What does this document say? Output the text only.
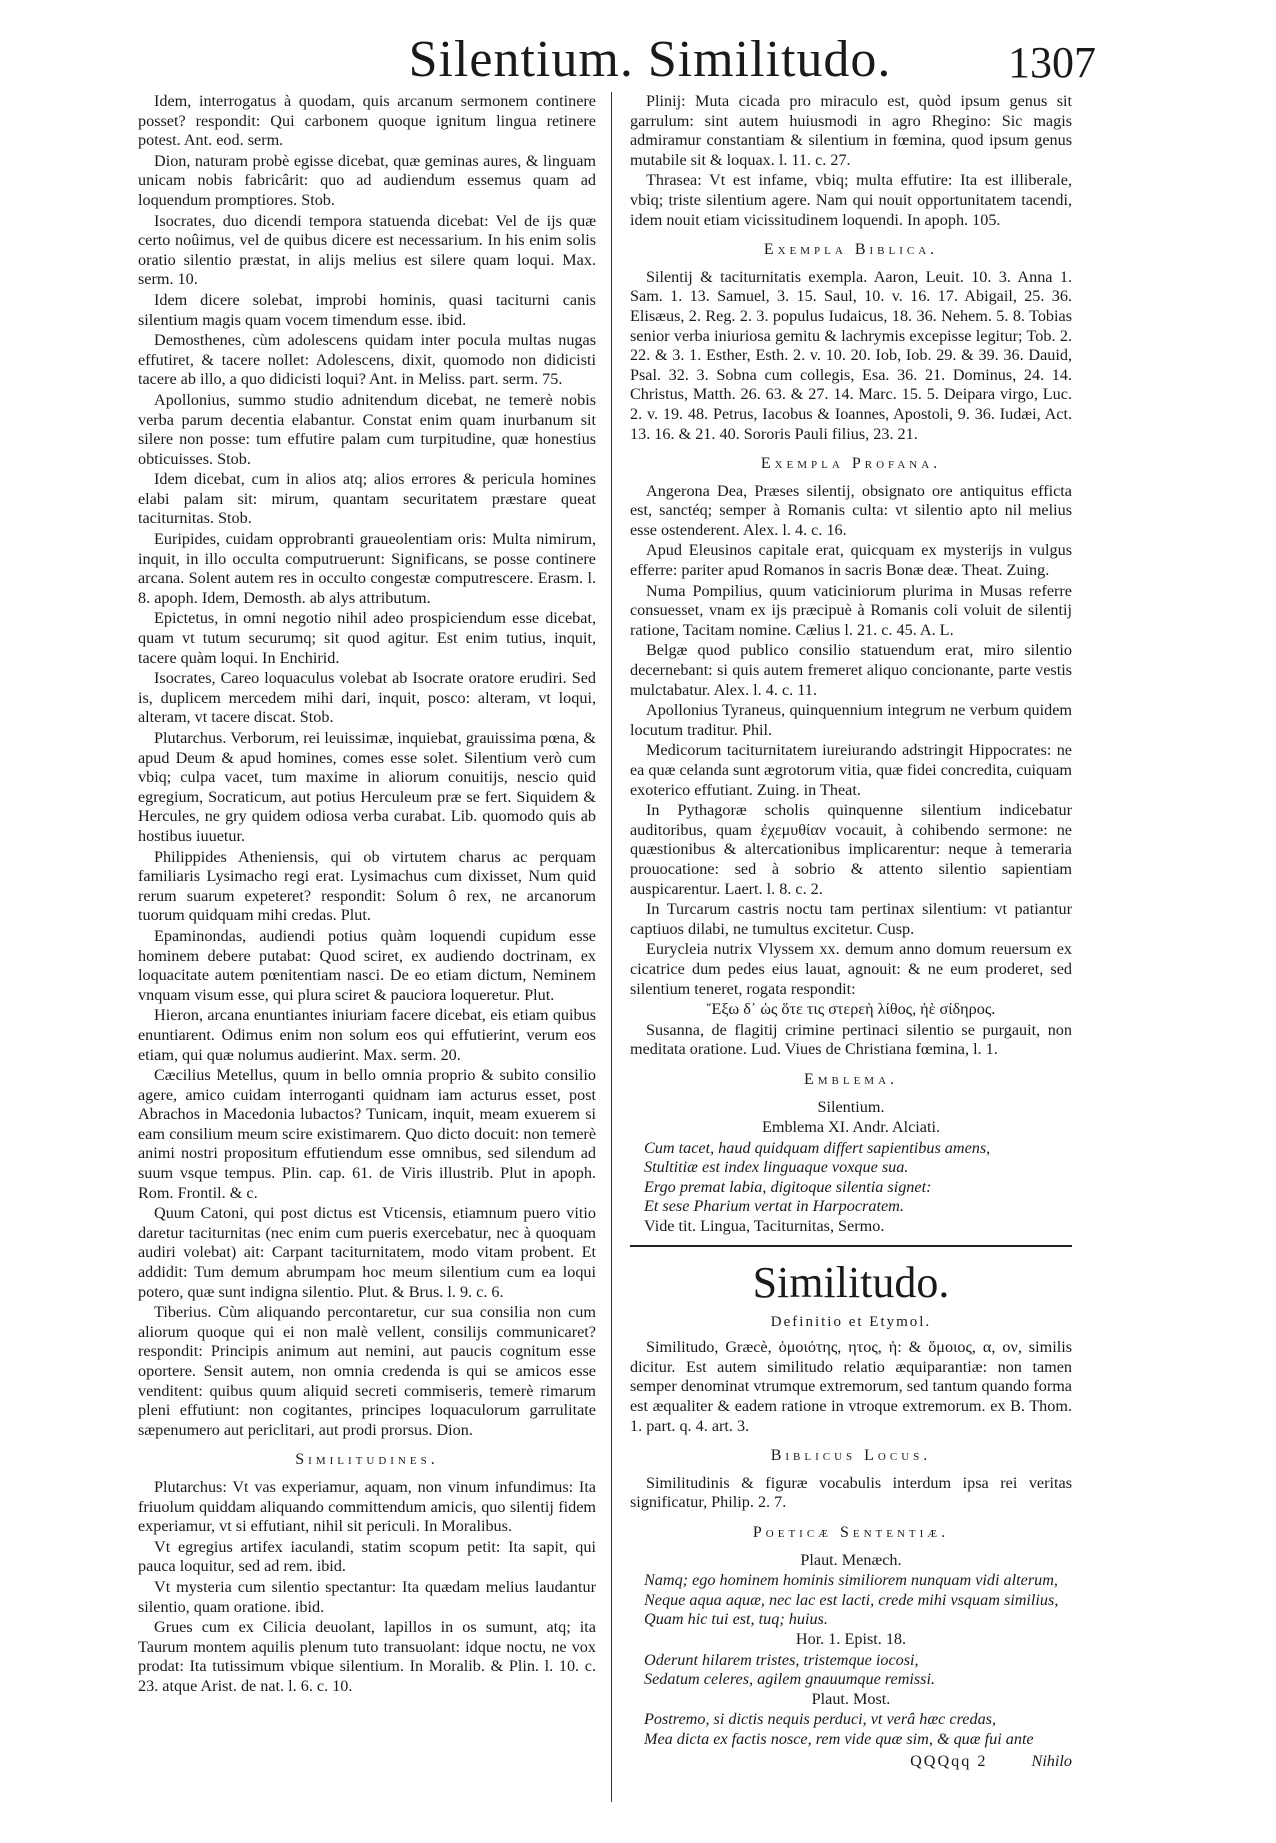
Silentium. Similitudo.	1307

Idem, interrogatus à quodam, quis arcanum sermonem continere posset? respondit: Qui carbonem quoque ignitum lingua retinere potest. Ant. eod. serm.

Dion, naturam probè egisse dicebat, quæ geminas aures, & linguam unicam nobis fabricârit: quo ad audiendum essemus quam ad loquendum promptiores. Stob.

Isocrates, duo dicendi tempora statuenda dicebat: Vel de ijs quæ certo noûimus, vel de quibus dicere est necessarium. In his enim solis oratio silentio præstat, in alijs melius est silere quam loqui. Max. serm. 10.

Idem dicere solebat, improbi hominis, quasi taciturni canis silentium magis quam vocem timendum esse. ibid.

Demosthenes, cùm adolescens quidam inter pocula multas nugas effutiret, & tacere nollet: Adolescens, dixit, quomodo non didicisti tacere ab illo, a quo didicisti loqui? Ant. in Meliss. part. serm. 75.

Apollonius, summo studio adnitendum dicebat, ne temerè nobis verba parum decentia elabantur. Constat enim quam inurbanum sit silere non posse: tum effutire palam cum turpitudine, quæ honestius obticuisses. Stob.

Idem dicebat, cum in alios atq; alios errores & pericula homines elabi palam sit: mirum, quantam securitatem præstare queat taciturnitas. Stob.

Euripides, cuidam opprobranti graueolentiam oris: Multa nimirum, inquit, in illo occulta computruerunt: Significans, se posse continere arcana. Solent autem res in occulto congestæ computrescere. Erasm. l. 8. apoph. Idem, Demosth. ab alys attributum.

Epictetus, in omni negotio nihil adeo prospiciendum esse dicebat, quam vt tutum securumq; sit quod agitur. Est enim tutius, inquit, tacere quàm loqui. In Enchirid.

Isocrates, Careo loquaculus volebat ab Isocrate oratore erudiri. Sed is, duplicem mercedem mihi dari, inquit, posco: alteram, vt loqui, alteram, vt tacere discat. Stob.

Plutarchus. Verborum, rei leuissimæ, inquiebat, grauissima pœna, & apud Deum & apud homines, comes esse solet. Silentium verò cum vbiq; culpa vacet, tum maxime in aliorum conuitijs, nescio quid egregium, Socraticum, aut potius Herculeum præ se fert. Siquidem & Hercules, ne gry quidem odiosa verba curabat. Lib. quomodo quis ab hostibus iuuetur.

Philippides Atheniensis, qui ob virtutem charus ac perquam familiaris Lysimacho regi erat. Lysimachus cum dixisset, Num quid rerum suarum expeteret? respondit: Solum ô rex, ne arcanorum tuorum quidquam mihi credas. Plut.

Epaminondas, audiendi potius quàm loquendi cupidum esse hominem debere putabat: Quod sciret, ex audiendo doctrinam, ex loquacitate autem pœnitentiam nasci. De eo etiam dictum, Neminem vnquam visum esse, qui plura sciret & pauciora loqueretur. Plut.

Hieron, arcana enuntiantes iniuriam facere dicebat, eis etiam quibus enuntiarent. Odimus enim non solum eos qui effutierint, verum eos etiam, qui quæ nolumus audierint. Max. serm. 20.

Cæcilius Metellus, quum in bello omnia proprio & subito consilio agere, amico cuidam interroganti quidnam iam acturus esset, post Abrachos in Macedonia lubactos? Tunicam, inquit, meam exuerem si eam consilium meum scire existimarem. Quo dicto docuit: non temerè animi nostri propositum effutiendum esse omnibus, sed silendum ad suum vsque tempus. Plin. cap. 61. de Viris illustrib. Plut in apoph. Rom. Frontil. & c.

Quum Catoni, qui post dictus est Vticensis, etiamnum puero vitio daretur taciturnitas (nec enim cum pueris exercebatur, nec à quoquam audiri volebat) ait: Carpant taciturnitatem, modo vitam probent. Et addidit: Tum demum abrumpam hoc meum silentium cum ea loqui potero, quæ sunt indigna silentio. Plut. & Brus. l. 9. c. 6.

Tiberius. Cùm aliquando percontaretur, cur sua consilia non cum aliorum quoque qui ei non malè vellent, consilijs communicaret? respondit: Principis animum aut nemini, aut paucis cognitum esse oportere. Sensit autem, non omnia credenda is qui se amicos esse venditent: quibus quum aliquid secreti commiseris, temerè rimarum pleni effutiunt: non cogitantes, principes loquaculorum garrulitate sæpenumero aut periclitari, aut prodi prorsus. Dion.

Similitudines.

Plutarchus: Vt vas experiamur, aquam, non vinum infundimus: Ita friuolum quiddam aliquando committendum amicis, quo silentij fidem experiamur, vt si effutiant, nihil sit periculi. In Moralibus.

Vt egregius artifex iaculandi, statim scopum petit: Ita sapit, qui pauca loquitur, sed ad rem. ibid.

Vt mysteria cum silentio spectantur: Ita quædam melius laudantur silentio, quam oratione. ibid.

Grues cum ex Cilicia deuolant, lapillos in os sumunt, atq; ita Taurum montem aquilis plenum tuto transuolant: idque noctu, ne vox prodat: Ita tutissimum vbique silentium. In Moralib. & Plin. l. 10. c. 23. atque Arist. de nat. l. 6. c. 10.

Plinij: Muta cicada pro miraculo est, quòd ipsum genus sit garrulum: sint autem huiusmodi in agro Rhegino: Sic magis admiramur constantiam & silentium in fœmina, quod ipsum genus mutabile sit & loquax. l. 11. c. 27.

Thrasea: Vt est infame, vbiq; multa effutire: Ita est illiberale, vbiq; triste silentium agere. Nam qui nouit opportunitatem tacendi, idem nouit etiam vicissitudinem loquendi. In apoph. 105.

Exempla Biblica.

Silentij & taciturnitatis exempla. Aaron, Leuit. 10. 3. Anna 1. Sam. 1. 13. Samuel, 3. 15. Saul, 10. v. 16. 17. Abigail, 25. 36. Elisæus, 2. Reg. 2. 3. populus Iudaicus, 18. 36. Nehem. 5. 8. Tobias senior verba iniuriosa gemitu & lachrymis excepisse legitur; Tob. 2. 22. & 3. 1. Esther, Esth. 2. v. 10. 20. Iob, Iob. 29. & 39. 36. Dauid, Psal. 32. 3. Sobna cum collegis, Esa. 36. 21. Dominus, 24. 14. Christus, Matth. 26. 63. & 27. 14. Marc. 15. 5. Deipara virgo, Luc. 2. v. 19. 48. Petrus, Iacobus & Ioannes, Apostoli, 9. 36. Iudæi, Act. 13. 16. & 21. 40. Sororis Pauli filius, 23. 21.

Exempla Profana.

Angerona Dea, Præses silentij, obsignato ore antiquitus efficta est, sanctéq; semper à Romanis culta: vt silentio apto nil melius esse ostenderent. Alex. l. 4. c. 16.

Apud Eleusinos capitale erat, quicquam ex mysterijs in vulgus efferre: pariter apud Romanos in sacris Bonæ deæ. Theat. Zuing.

Numa Pompilius, quum vaticiniorum plurima in Musas referre consuesset, vnam ex ijs præcipuè à Romanis coli voluit de silentij ratione, Tacitam nomine. Cælius l. 21. c. 45. A. L.

Belgæ quod publico consilio statuendum erat, miro silentio decernebant: si quis autem fremeret aliquo concionante, parte vestis mulctabatur. Alex. l. 4. c. 11.

Apollonius Tyraneus, quinquennium integrum ne verbum quidem locutum traditur. Phil.

Medicorum taciturnitatem iureiurando adstringit Hippocrates: ne ea quæ celanda sunt ægrotorum vitia, quæ fidei concredita, cuiquam exoterico effutiant. Zuing. in Theat.

In Pythagoræ scholis quinquenne silentium indicebatur auditoribus, quam ἐχεμυθίαν vocauit, à cohibendo sermone: ne quæstionibus & altercationibus implicarentur: neque à temeraria prouocatione: sed à sobrio & attento silentio sapientiam auspicarentur. Laert. l. 8. c. 2.

In Turcarum castris noctu tam pertinax silentium: vt patiantur captiuos dilabi, ne tumultus excitetur. Cusp.

Eurycleia nutrix Vlyssem xx. demum anno domum reuersum ex cicatrice dum pedes eius lauat, agnouit: & ne eum proderet, sed silentium teneret, rogata respondit:

Ἕξω δ᾽ ὡς ὅτε τις στερεὴ λίθος, ἠὲ σίδηρος.

Susanna, de flagitij crimine pertinaci silentio se purgauit, non meditata oratione. Lud. Viues de Christiana fœmina, l. 1.

Emblema.

Silentium.

Emblema XI. Andr. Alciati.

Cum tacet, haud quidquam differt sapientibus amens,

Stultitiæ est index linguaque voxque sua.

Ergo premat labia, digitoque silentia signet:

Et sese Pharium vertat in Harpocratem.

Vide tit. Lingua, Taciturnitas, Sermo.

Similitudo.
Definitio et Etymol.

Similitudo, Græcè, ὁμοιότης, ητος, ἡ: & ὅμοιος, α, ον, similis dicitur. Est autem similitudo relatio æquiparantiæ: non tamen semper denominat vtrumque extremorum, sed tantum quando forma est æqualiter & eadem ratione in vtroque extremorum. ex B. Thom. 1. part. q. 4. art. 3.

Biblicus Locus.

Similitudinis & figuræ vocabulis interdum ipsa rei veritas significatur, Philip. 2. 7.

Poeticæ Sententiæ.

Plaut. Menæch.

Namq; ego hominem hominis similiorem nunquam vidi alterum,

Neque aqua aquæ, nec lac est lacti, crede mihi vsquam similius,

Quam hic tui est, tuq; huius.

Hor. 1. Epist. 18.

Oderunt hilarem tristes, tristemque iocosi,

Sedatum celeres, agilem gnauumque remissi.

Plaut. Most.

Postremo, si dictis nequis perduci, vt verâ hæc credas,

Mea dicta ex factis nosce, rem vide quæ sim, & quæ fui ante

QQQqq 2	Nihilo
